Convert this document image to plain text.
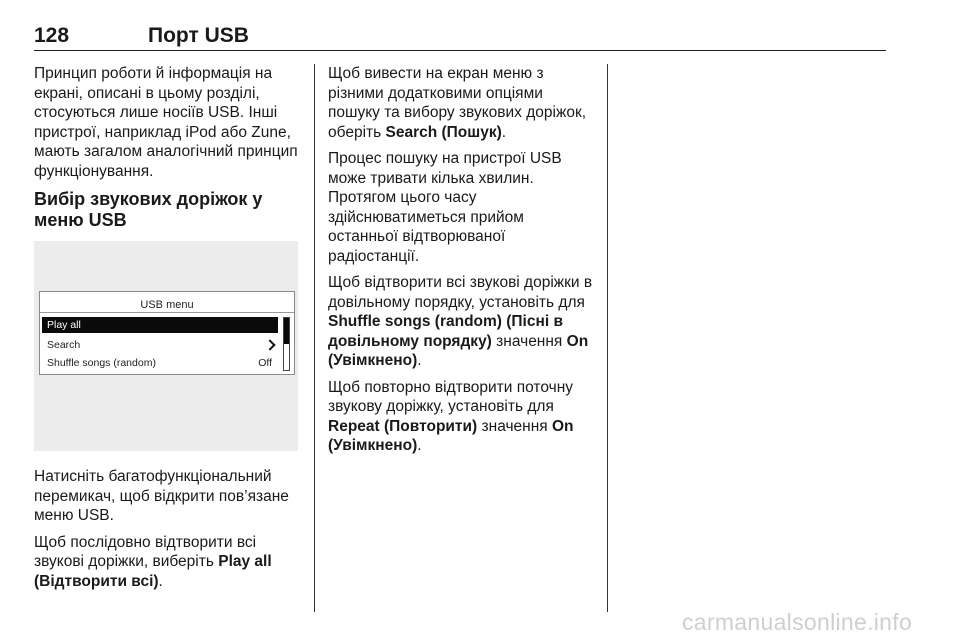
128	Порт USB

Принцип роботи й інформація на екрані, описані в цьому розділі, стосуються лише носіїв USB. Інші пристрої, наприклад iPod або Zune, мають загалом аналогічний принцип функціонування.

Вибір звукових доріжок у меню USB
USB menu
Play all
Search
Shuffle songs (random)	Off

Натисніть багатофункціональний перемикач, щоб відкрити пов’язане меню USB.

Щоб послідовно відтворити всі звукові доріжки, виберіть Play all (Відтворити всі).

Щоб вивести на екран меню з різними додатковими опціями пошуку та вибору звукових доріжок, оберіть Search (Пошук).

Процес пошуку на пристрої USB може тривати кілька хвилин. Протягом цього часу здійснюватиметься прийом останньої відтворюваної радіостанції.

Щоб відтворити всі звукові доріжки в довільному порядку, установіть для Shuffle songs (random) (Пісні в довільному порядку) значення On (Увімкнено).

Щоб повторно відтворити поточну звукову доріжку, установіть для Repeat (Повторити) значення On (Увімкнено).

carmanualsonline.info
